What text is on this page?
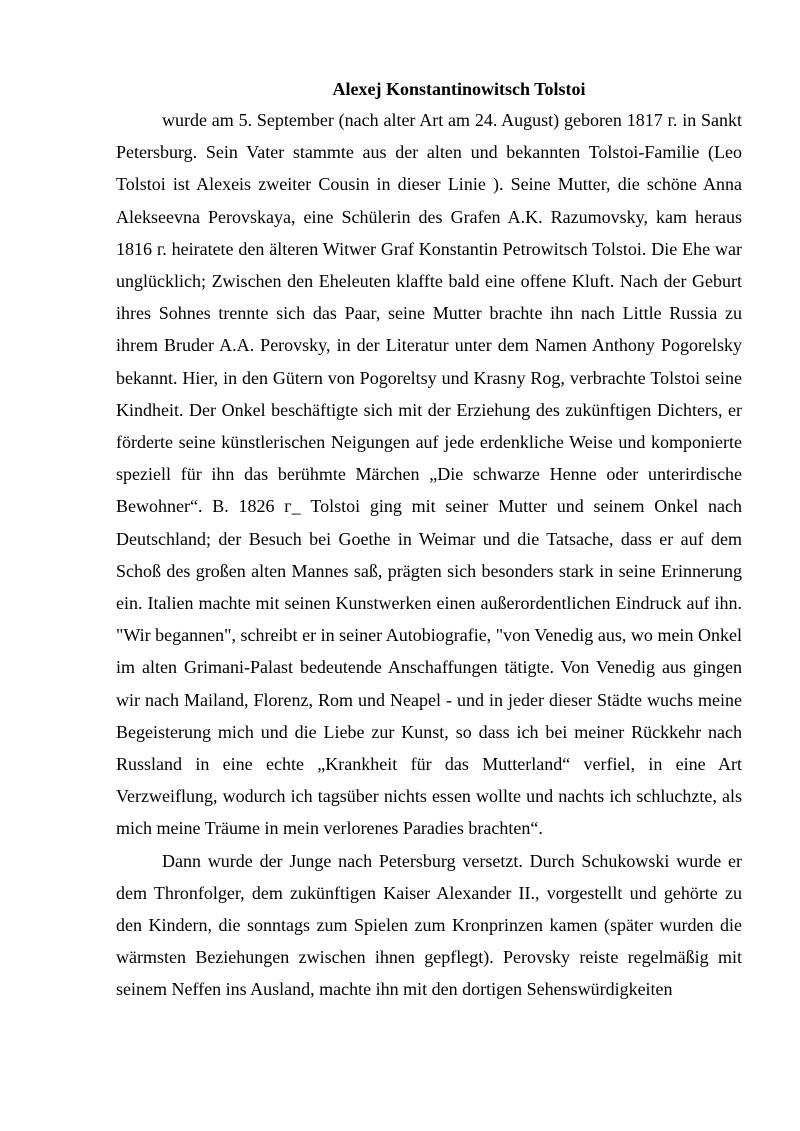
Alexej Konstantinowitsch Tolstoi

wurde am 5. September (nach alter Art am 24. August) geboren 1817 г. in Sankt Petersburg. Sein Vater stammte aus der alten und bekannten Tolstoi-Familie (Leo Tolstoi ist Alexeis zweiter Cousin in dieser Linie ). Seine Mutter, die schöne Anna Alekseevna Perovskaya, eine Schülerin des Grafen A.K. Razumovsky, kam heraus 1816 г. heiratete den älteren Witwer Graf Konstantin Petrowitsch Tolstoi. Die Ehe war unglücklich; Zwischen den Eheleuten klaffte bald eine offene Kluft. Nach der Geburt ihres Sohnes trennte sich das Paar, seine Mutter brachte ihn nach Little Russia zu ihrem Bruder A.A. Perovsky, in der Literatur unter dem Namen Anthony Pogorelsky bekannt. Hier, in den Gütern von Pogoreltsy und Krasny Rog, verbrachte Tolstoi seine Kindheit. Der Onkel beschäftigte sich mit der Erziehung des zukünftigen Dichters, er förderte seine künstlerischen Neigungen auf jede erdenkliche Weise und komponierte speziell für ihn das berühmte Märchen „Die schwarze Henne oder unterirdische Bewohner“. B. 1826 г_ Tolstoi ging mit seiner Mutter und seinem Onkel nach Deutschland; der Besuch bei Goethe in Weimar und die Tatsache, dass er auf dem Schoß des großen alten Mannes saß, prägten sich besonders stark in seine Erinnerung ein. Italien machte mit seinen Kunstwerken einen außerordentlichen Eindruck auf ihn. "Wir begannen", schreibt er in seiner Autobiografie, "von Venedig aus, wo mein Onkel im alten Grimani-Palast bedeutende Anschaffungen tätigte. Von Venedig aus gingen wir nach Mailand, Florenz, Rom und Neapel - und in jeder dieser Städte wuchs meine Begeisterung mich und die Liebe zur Kunst, so dass ich bei meiner Rückkehr nach Russland in eine echte „Krankheit für das Mutterland“ verfiel, in eine Art Verzweiflung, wodurch ich tagsüber nichts essen wollte und nachts ich schluchzte, als mich meine Träume in mein verlorenes Paradies brachten“.

Dann wurde der Junge nach Petersburg versetzt. Durch Schukowski wurde er dem Thronfolger, dem zukünftigen Kaiser Alexander II., vorgestellt und gehörte zu den Kindern, die sonntags zum Spielen zum Kronprinzen kamen (später wurden die wärmsten Beziehungen zwischen ihnen gepflegt). Perovsky reiste regelmäßig mit seinem Neffen ins Ausland, machte ihn mit den dortigen Sehenswürdigkeiten
